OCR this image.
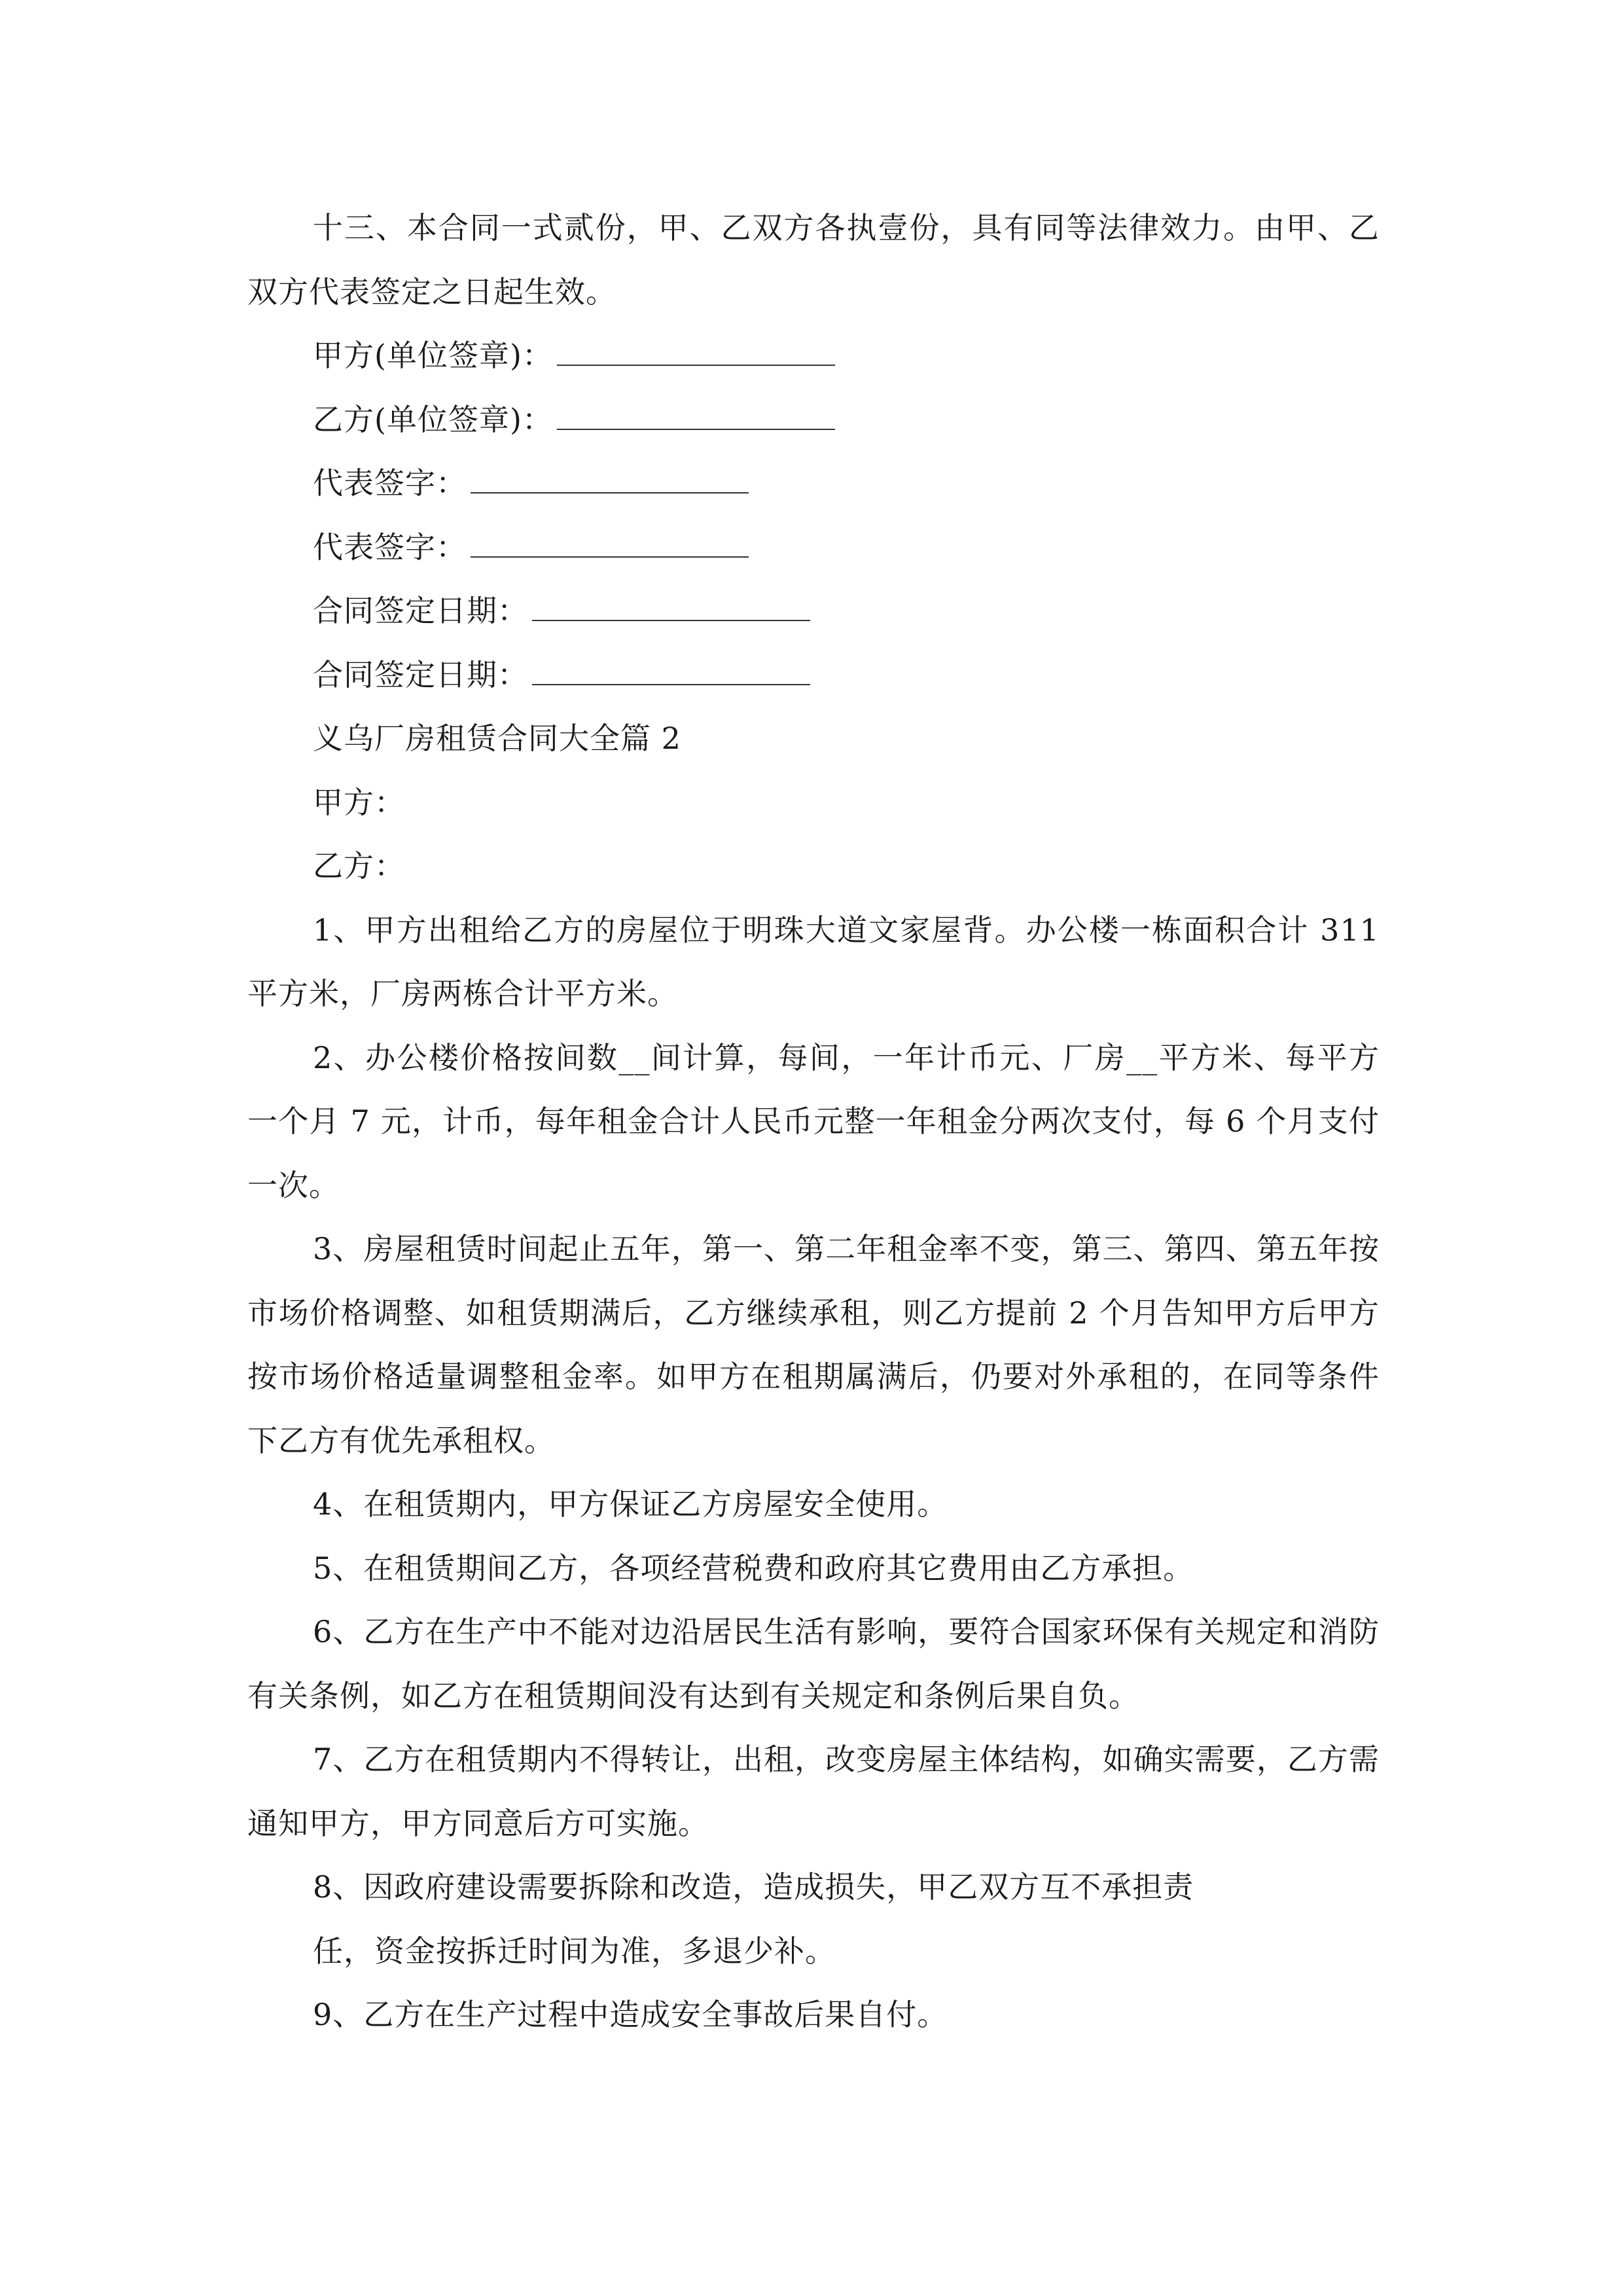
十三、本合同一式贰份，甲、乙双方各执壹份，具有同等法律效力。由甲、乙双方代表签定之日起生效。

甲方(单位签章)：
乙方(单位签章)：
代表签字：
代表签字：
合同签定日期：
合同签定日期：

义乌厂房租赁合同大全篇 2

甲方：

乙方：

1、甲方出租给乙方的房屋位于明珠大道文家屋背。办公楼一栋面积合计 311 平方米，厂房两栋合计平方米。

2、办公楼价格按间数__间计算，每间，一年计币元、厂房__平方米、每平方一个月 7 元，计币，每年租金合计人民币元整一年租金分两次支付，每 6 个月支付一次。

3、房屋租赁时间起止五年，第一、第二年租金率不变，第三、第四、第五年按市场价格调整、如租赁期满后，乙方继续承租，则乙方提前 2 个月告知甲方后甲方按市场价格适量调整租金率。如甲方在租期属满后，仍要对外承租的，在同等条件下乙方有优先承租权。

4、在租赁期内，甲方保证乙方房屋安全使用。

5、在租赁期间乙方，各项经营税费和政府其它费用由乙方承担。

6、乙方在生产中不能对边沿居民生活有影响，要符合国家环保有关规定和消防有关条例，如乙方在租赁期间没有达到有关规定和条例后果自负。

7、乙方在租赁期内不得转让，出租，改变房屋主体结构，如确实需要，乙方需通知甲方，甲方同意后方可实施。

8、因政府建设需要拆除和改造，造成损失，甲乙双方互不承担责

任，资金按拆迁时间为准，多退少补。

9、乙方在生产过程中造成安全事故后果自付。
